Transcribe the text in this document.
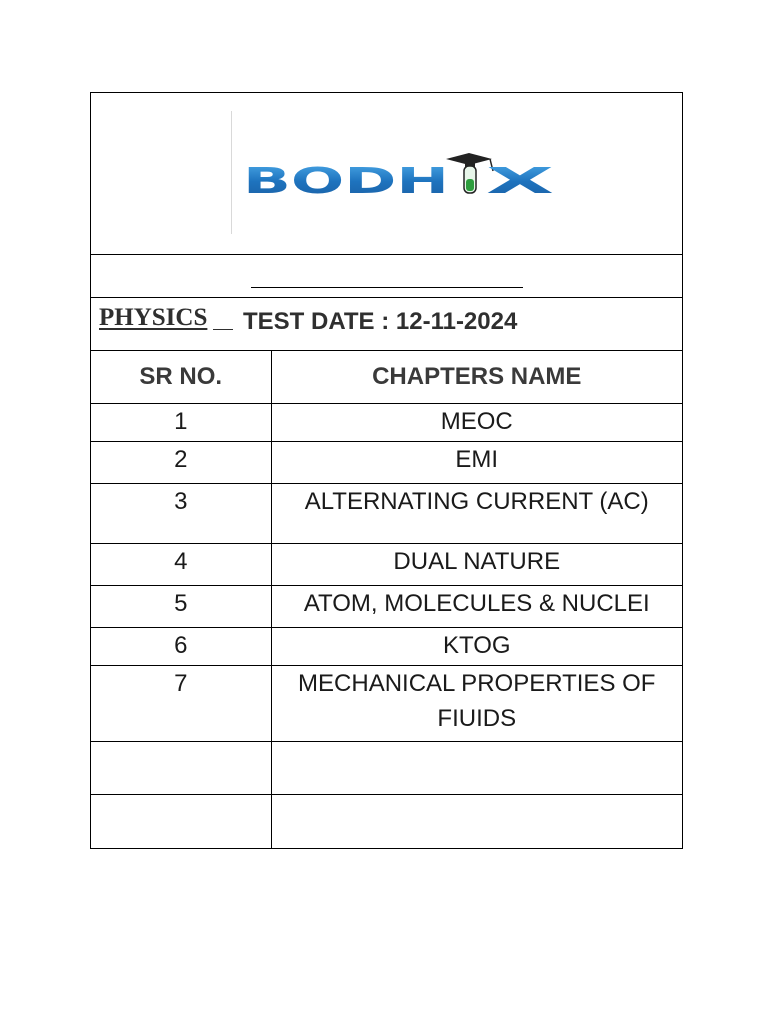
BODH X
PHYSICS TEST DATE : 12-11-2024
SR NO.	CHAPTERS NAME
1	MEOC
2	EMI
3	ALTERNATING CURRENT (AC)
4	DUAL NATURE
5	ATOM, MOLECULES & NUCLEI
6	KTOG
7	MECHANICAL PROPERTIES OF
FIUIDS
